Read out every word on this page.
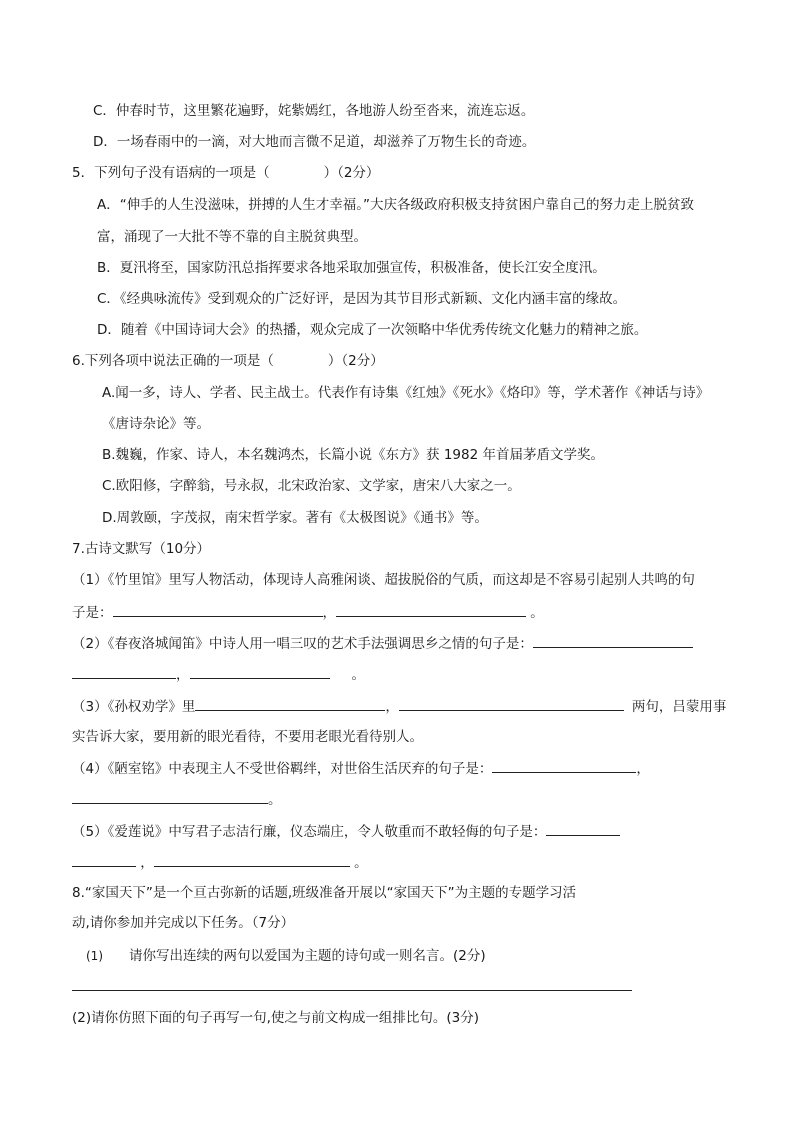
C．仲春时节，这里繁花遍野，姹紫嫣红，各地游人纷至沓来，流连忘返。
D．一场春雨中的一滴，对大地而言微不足道，却滋养了万物生长的奇迹。
5．下列句子没有语病的一项是（　　　　）（2分）
A．“伸手的人生没滋味，拼搏的人生才幸福。”大庆各级政府积极支持贫困户靠自己的努力走上脱贫致
富，涌现了一大批不等不靠的自主脱贫典型。
B．夏汛将至，国家防汛总指挥要求各地采取加强宣传，积极准备，使长江安全度汛。
C．《经典咏流传》受到观众的广泛好评，是因为其节目形式新颖、文化内涵丰富的缘故。
D．随着《中国诗词大会》的热播，观众完成了一次领略中华优秀传统文化魅力的精神之旅。
6.下列各项中说法正确的一项是（　　　　）（2分）
A.闻一多，诗人、学者、民主战士。代表作有诗集《红烛》《死水》《烙印》等，学术著作《神话与诗》
《唐诗杂论》等。
B.魏巍，作家、诗人，本名魏鸿杰，长篇小说《东方》获 1982 年首届茅盾文学奖。
C.欧阳修，字醉翁，号永叔，北宋政治家、文学家，唐宋八大家之一。
D.周敦颐，字茂叔，南宋哲学家。著有《太极图说》《通书》等。
7.古诗文默写（10分）
（1）《竹里馆》里写人物活动，体现诗人高雅闲谈、超拔脱俗的气质，而这却是不容易引起别人共鸣的句
子是：	，	。
（2）《春夜洛城闻笛》中诗人用一唱三叹的艺术手法强调思乡之情的句子是：
，	。
（3）《孙权劝学》里	，	两句，吕蒙用事
实告诉大家，要用新的眼光看待，不要用老眼光看待别人。
（4）《陋室铭》中表现主人不受世俗羁绊，对世俗生活厌弃的句子是：	，
。
（5）《爱莲说》中写君子志洁行廉，仪态端庄，令人敬重而不敢轻侮的句子是：
，	。
8.“家国天下”是一个亘古弥新的话题,班级准备开展以“家国天下”为主题的专题学习活
动,请你参加并完成以下任务。（7分）
(1) 请你写出连续的两句以爱国为主题的诗句或一则名言。(2分)
(2)请你仿照下面的句子再写一句,使之与前文构成一组排比句。(3分)
